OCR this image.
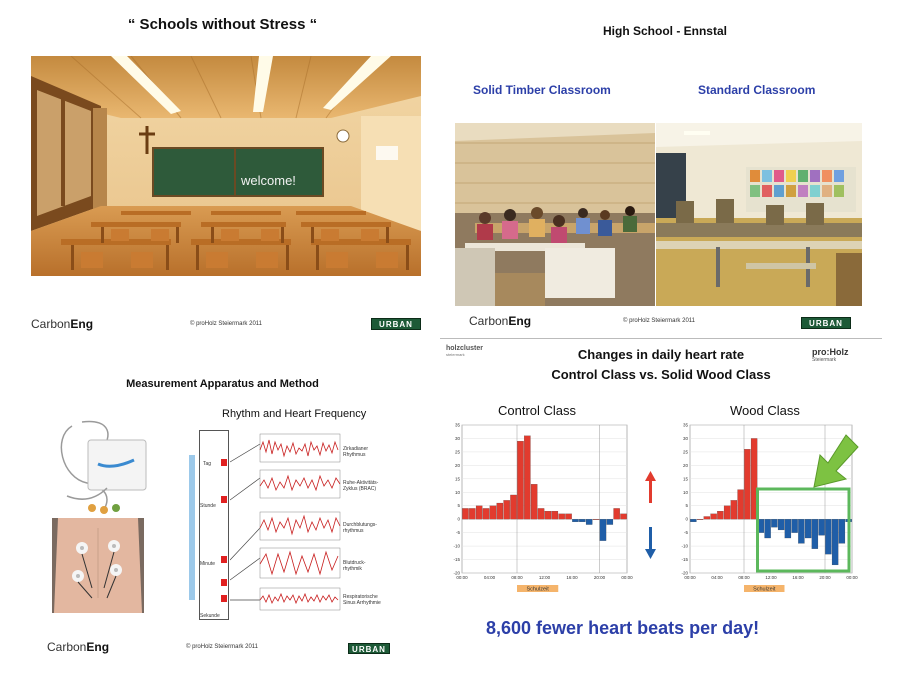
“ Schools without Stress “
welcome!
CarbonEng	© proHolz Steiermark 2011	URBAN
High School - Ennstal
Solid Timber Classroom	Standard Classroom
CarbonEng	© proHolz Steiermark 2011	URBAN
Measurement Apparatus and Method
Rhythm and Heart Frequency
Tag
Stunde
Minute
Sekunde
Zirkadianer Rhythmus
Ruhe-Aktivitäts-Zyklus (BRAC)
Durchblutungs-rhythmus
Blutdruck-rhythmik
Respiratorische Sinus Arrhythmie
CarbonEng	© proHolz Steiermark 2011	URBAN
holzcluster
steiermark	pro:Holz
Steiermark
Changes in daily heart rate
Control Class vs. Solid Wood Class
Control Class	Wood Class
35
30
25
20
15
10
5
0
-5
-10
-15
-20
Schulzeit
00:00	04:00	08:00	12:00	16:00	20:00	00:00
35
30
25
20
15
10
5
0
-5
-10
-15
-20
Schulzeit
00:00	04:00	08:00	12:00	16:00	20:00	00:00
8,600 fewer heart beats per day!
